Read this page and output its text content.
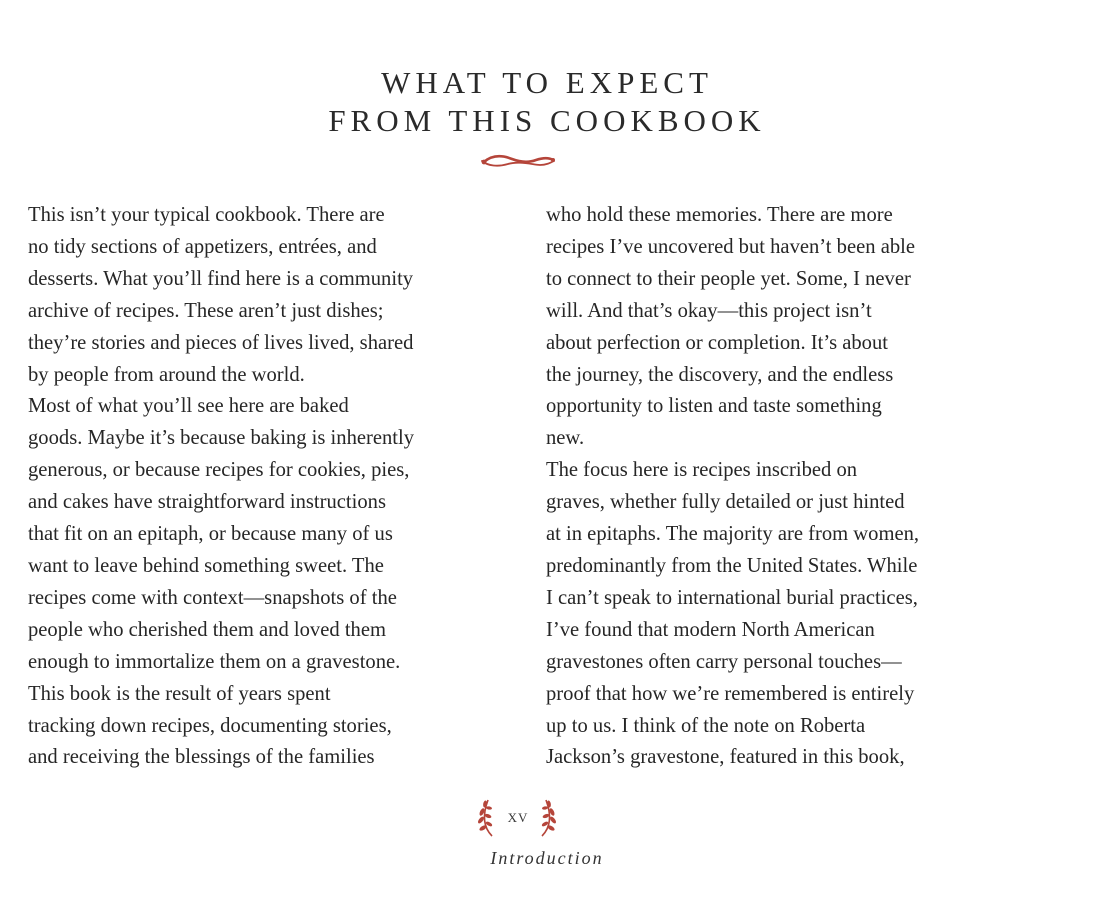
WHAT TO EXPECT
FROM THIS COOKBOOK

This isn’t your typical cookbook. There are
no tidy sections of appetizers, entrées, and
desserts. What you’ll find here is a community
archive of recipes. These aren’t just dishes;
they’re stories and pieces of lives lived, shared
by people from around the world.

Most of what you’ll see here are baked
goods. Maybe it’s because baking is inherently
generous, or because recipes for cookies, pies,
and cakes have straightforward instructions
that fit on an epitaph, or because many of us
want to leave behind something sweet. The
recipes come with context—snapshots of the
people who cherished them and loved them
enough to immortalize them on a gravestone.

This book is the result of years spent
tracking down recipes, documenting stories,
and receiving the blessings of the families

who hold these memories. There are more
recipes I’ve uncovered but haven’t been able
to connect to their people yet. Some, I never
will. And that’s okay—this project isn’t
about perfection or completion. It’s about
the journey, the discovery, and the endless
opportunity to listen and taste something
new.

The focus here is recipes inscribed on
graves, whether fully detailed or just hinted
at in epitaphs. The majority are from women,
predominantly from the United States. While
I can’t speak to international burial practices,
I’ve found that modern North American
gravestones often carry personal touches—
proof that how we’re remembered is entirely
up to us. I think of the note on Roberta
Jackson’s gravestone, featured in this book,

XV
Introduction
